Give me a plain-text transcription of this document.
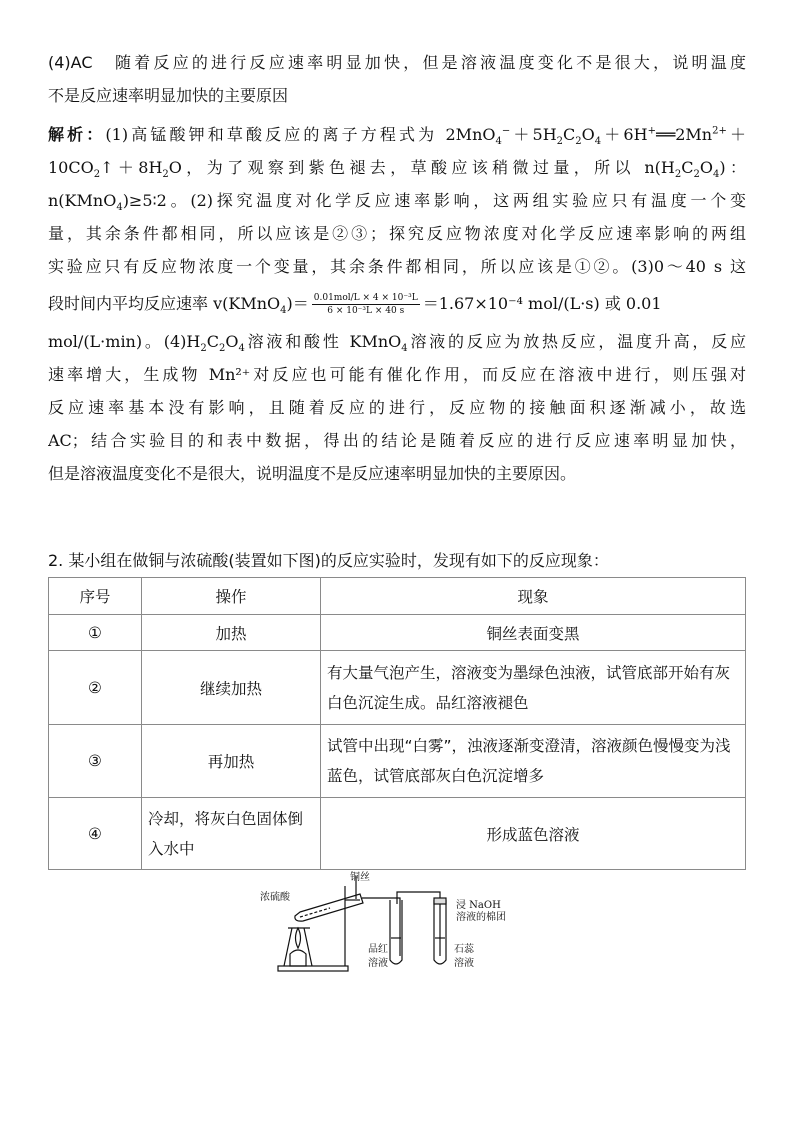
(4)AC　随着反应的进行反应速率明显加快，但是溶液温度变化不是很大，说明温度
不是反应速率明显加快的主要原因
解析：(1)高锰酸钾和草酸反应的离子方程式为 $2MnO_4^-+5H_2C_2O_4+6H^+══2Mn^{2+}+$
$10CO_2↑+8H_2O$，为了观察到紫色褪去，草酸应该稍微过量，所以 $n(H_2C_2O_4)$：
n(KMnO$_4$)≥5∶2。(2)探究温度对化学反应速率影响，这两组实验应只有温度一个变
量，其余条件都相同，所以应该是②③；探究反应物浓度对化学反应速率影响的两组
实验应只有反应物浓度一个变量，其余条件都相同，所以应该是①②。(3)0～40 s 这
段时间内平均反应速率 v(KMnO$_4$)＝ $\frac{\text{0.01mol/L × 4 × 10⁻³L}}{\text{6 × 10⁻³L × 40 s}} =1.67\times 10^{-4}$ mol/(L·s) 或 0.01
mol/(L·min)。$(4)H_2C_2O_4$溶液和酸性 KMnO$_4$溶液的反应为放热反应，温度升高，反应
速率增大，生成物 Mn²⁺对反应也可能有催化作用，而反应在溶液中进行，则压强对
反应速率基本没有影响，且随着反应的进行，反应物的接触面积逐渐减小，故选
AC；结合实验目的和表中数据，得出的结论是随着反应的进行反应速率明显加快，
但是溶液温度变化不是很大，说明温度不是反应速率明显加快的主要原因。
2. 某小组在做铜与浓硫酸(装置如下图)的反应实验时，发现有如下的反应现象：
序号	操作	现象
①	加热	铜丝表面变黑
②	继续加热	有大量气泡产生，溶液变为墨绿色浊液，试管底部开始有灰白色沉淀生成。品红溶液褪色
③	再加热	试管中出现“白雾”，浊液逐渐变澄清，溶液颜色慢慢变为浅蓝色，试管底部灰白色沉淀增多
④	冷却，将灰白色固体倒入水中	形成蓝色溶液
浓硫酸
铜丝
品红
溶液
浸 NaOH
溶液的棉团
石蕊
溶液
